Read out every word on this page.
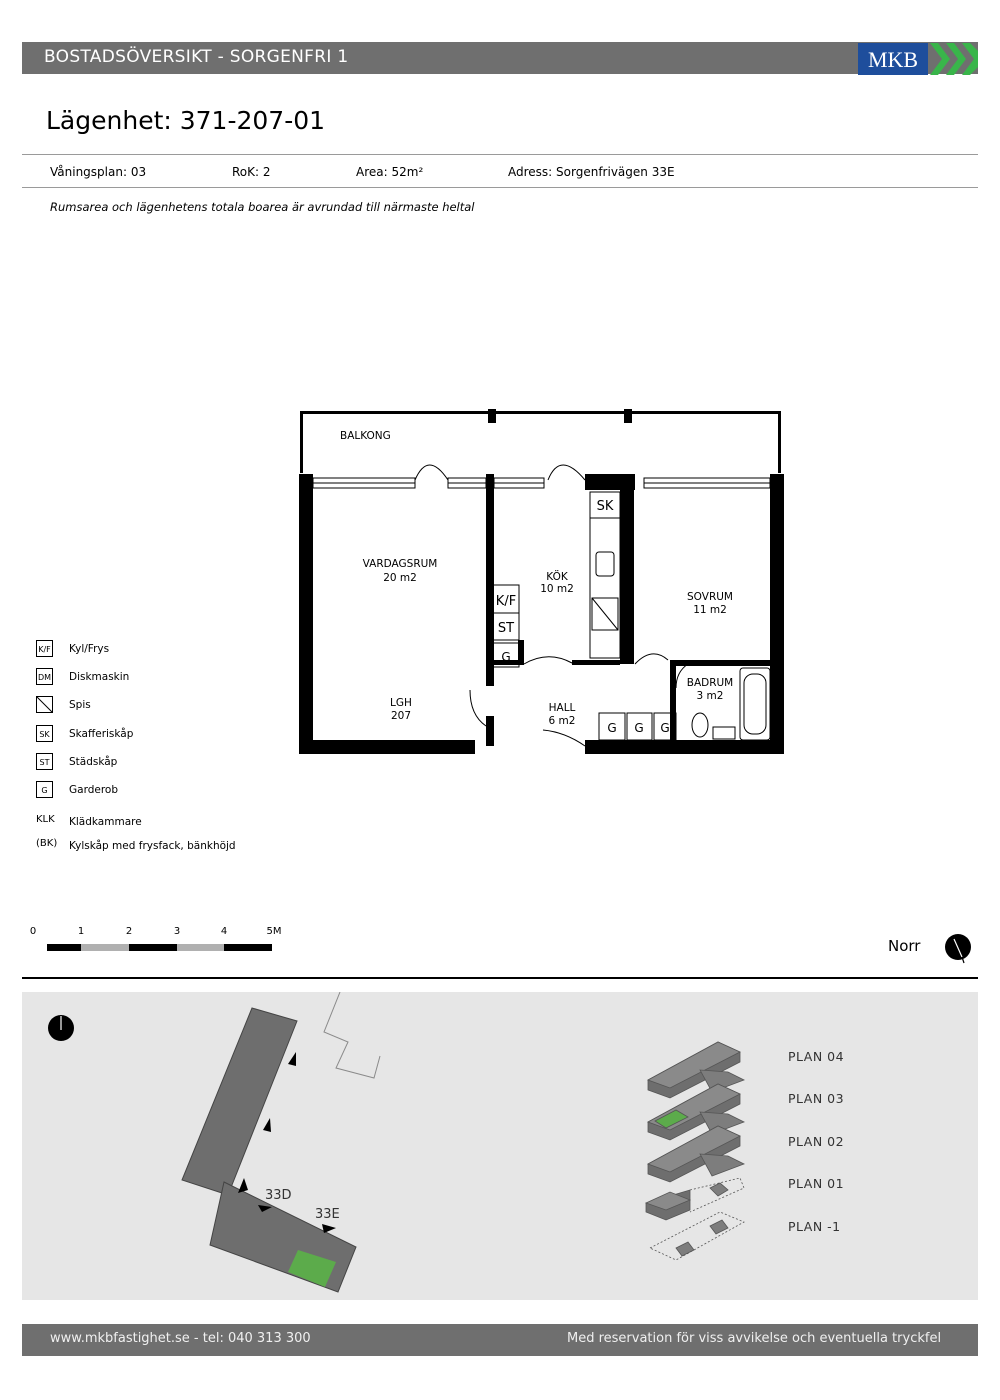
BOSTADSÖVERSIKT - SORGENFRI 1	MKB
Lägenhet: 371-207-01
Våningsplan: 03	RoK: 2	Area: 52m²	Adress: Sorgenfrivägen 33E
Rumsarea och lägenhetens totala boarea är avrundad till närmaste heltal
BALKONG
SK
K/F
ST
G
G G G
VARDAGSRUM
20 m2	KÖK
10 m2
SOVRUM
11 m2
BADRUM
3 m2
LGH
207
HALL
6 m2
K/F Kyl/Frys
DM Diskmaskin
Spis
SK Skafferiskåp
ST Städskåp
G Garderob
KLK Klädkammare
(BK) Kylskåp med frysfack, bänkhöjd
0	1	2	3	4	5M
Norr
33D
33E
PLAN 04
PLAN 03
PLAN 02
PLAN 01
PLAN -1
www.mkbfastighet.se - tel: 040 313 300	Med reservation för viss avvikelse och eventuella tryckfel
